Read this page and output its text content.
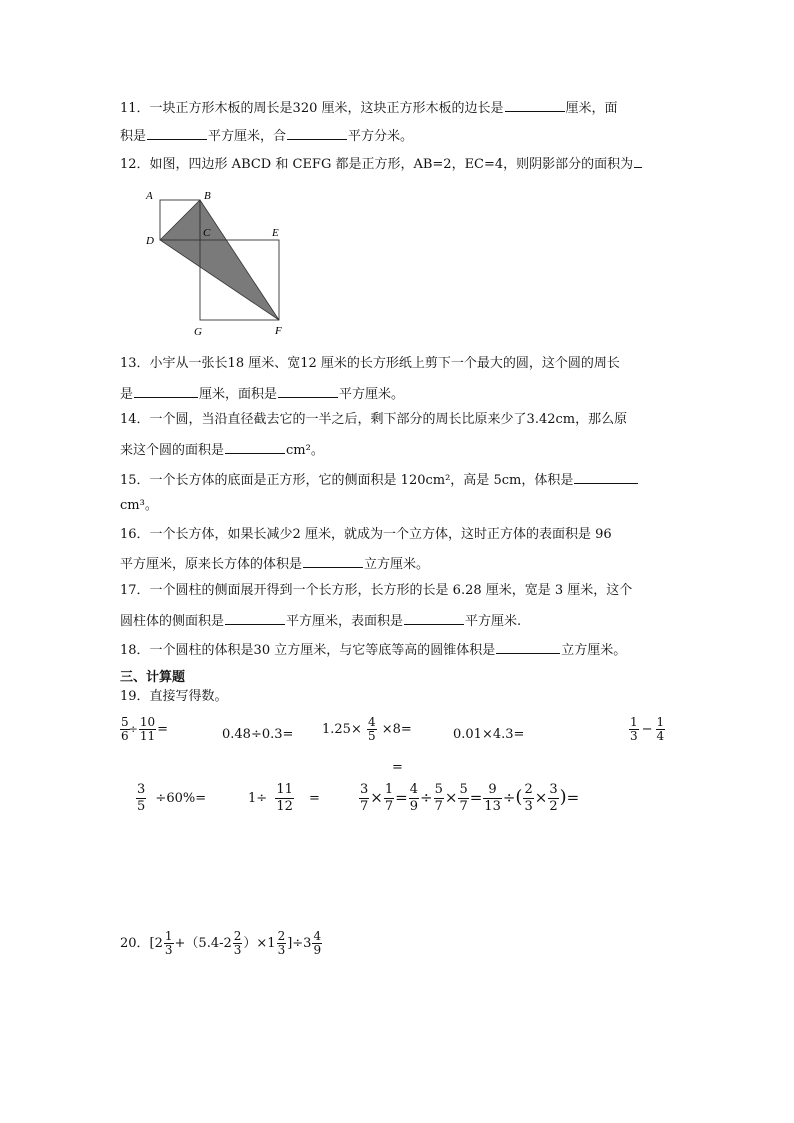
11．一块正方形木板的周长是320 厘米，这块正方形木板的边长是	厘米，面
积是	平方厘米，合	平方分米。
12．如图，四边形 ABCD 和 CEFG 都是正方形，AB=2，EC=4，则阴影部分的面积为
A	B
D
C	E
G	F
13．小宇从一张长18 厘米、宽12 厘米的长方形纸上剪下一个最大的圆，这个圆的周长
是	厘米，面积是	平方厘米。
14．一个圆，当沿直径截去它的一半之后，剩下部分的周长比原来少了3.42cm，那么原
来这个圆的面积是	cm²。
15．一个长方体的底面是正方形，它的侧面积是 120cm²，高是 5cm，体积是
cm³。
16．一个长方体，如果长减少2 厘米，就成为一个立方体，这时正方体的表面积是 96
平方厘米，原来长方体的体积是	立方厘米。
17．一个圆柱的侧面展开得到一个长方形，长方形的长是 6.28 厘米，宽是 3 厘米，这个
圆柱体的侧面积是	平方厘米，表面积是	平方厘米.
18．一个圆柱的体积是30 立方厘米，与它等底等高的圆锥体积是	立方厘米。
三、计算题
19．直接写得数。
$\frac{5}{6} \div \frac{10}{11}$ =	$0.48\div 0.3= 1.25\times \frac{4}{5} \times 8=$	0.01×4.3=	$\frac{1}{3} - \frac{1}{4}$
=
$\frac{3}{5} \div 60\%=$	$1\div \frac{11}{12}$ =	$\frac{3}{7} \times \frac{1}{7} = \frac{4}{9} \div \frac{5}{7} \times \frac{5}{7} = \frac{9}{13}$ ÷( $\frac{2}{3} \times \frac{3}{2}$ )=
20．$[2 \frac{1}{3} +(5.4-2 \frac{2}{3} )\times 1 \frac{2}{3} ]\div 3 \frac{4}{9}$
